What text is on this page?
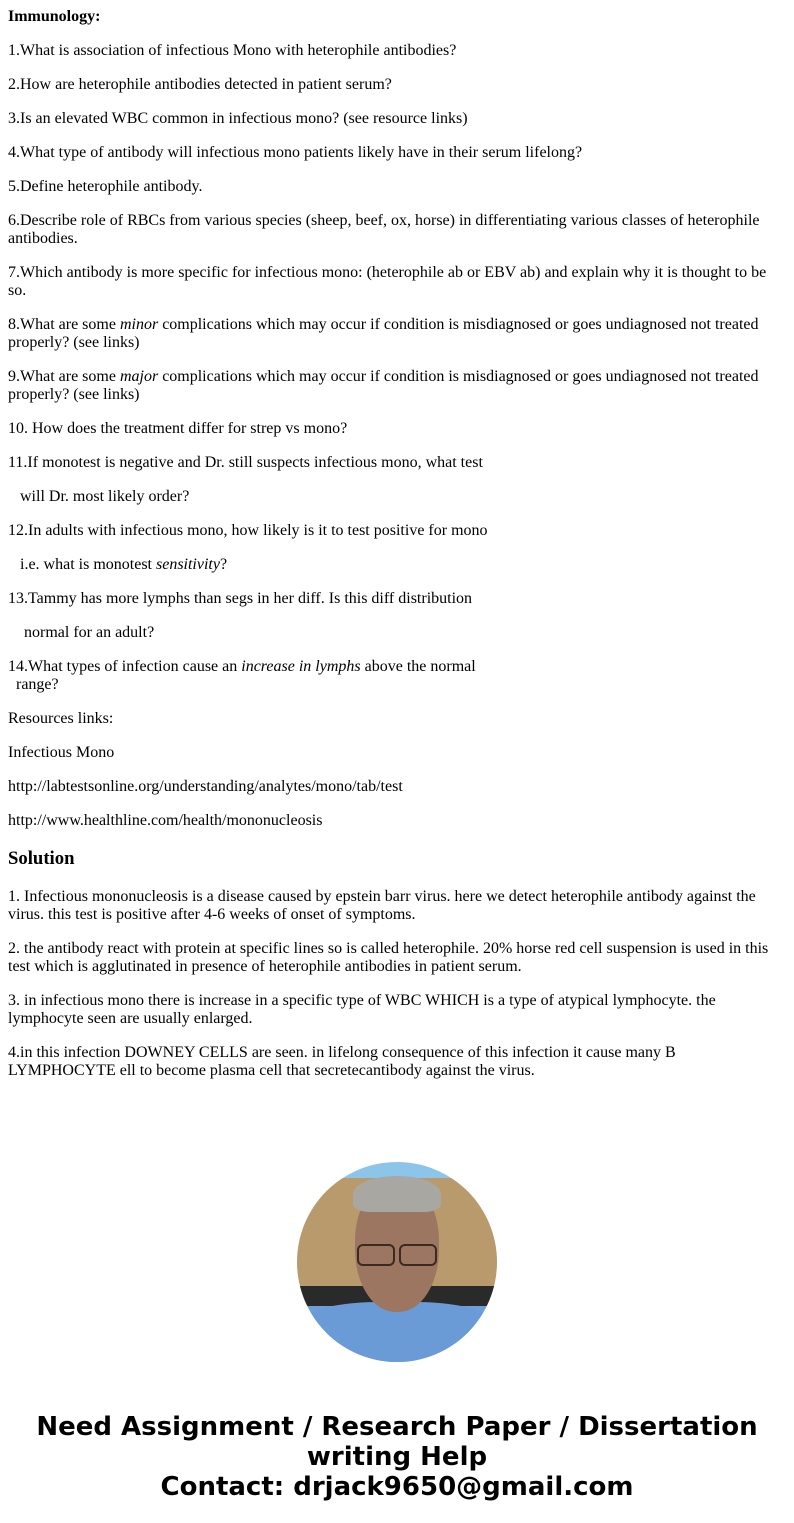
Immunology:

1.What is association of infectious Mono with heterophile antibodies?

2.How are heterophile antibodies detected in patient serum?

3.Is an elevated WBC common in infectious mono? (see resource links)

4.What type of antibody will infectious mono patients likely have in their serum lifelong?

5.Define heterophile antibody.

6.Describe role of RBCs from various species (sheep, beef, ox, horse) in differentiating various classes of heterophile antibodies.

7.Which antibody is more specific for infectious mono: (heterophile ab or EBV ab) and explain why it is thought to be so.

8.What are some minor complications which may occur if condition is misdiagnosed or goes undiagnosed not treated properly? (see links)

9.What are some major complications which may occur if condition is misdiagnosed or goes undiagnosed not treated properly? (see links)

10. How does the treatment differ for strep vs mono?

11.If monotest is negative and Dr. still suspects infectious mono, what test

will Dr. most likely order?

12.In adults with infectious mono, how likely is it to test positive for mono

i.e. what is monotest sensitivity?

13.Tammy has more lymphs than segs in her diff. Is this diff distribution

normal for an adult?

14.What types of infection cause an increase in lymphs above the normal
range?

Resources links:

Infectious Mono

http://labtestsonline.org/understanding/analytes/mono/tab/test

http://www.healthline.com/health/mononucleosis

Solution

1. Infectious mononucleosis is a disease caused by epstein barr virus. here we detect heterophile antibody against the virus. this test is positive after 4-6 weeks of onset of symptoms.

2. the antibody react with protein at specific lines so is called heterophile. 20% horse red cell suspension is used in this test which is agglutinated in presence of heterophile antibodies in patient serum.

3. in infectious mono there is increase in a specific type of WBC WHICH is a type of atypical lymphocyte. the lymphocyte seen are usually enlarged.

4.in this infection DOWNEY CELLS are seen. in lifelong consequence of this infection it cause many B LYMPHOCYTE ell to become plasma cell that secretecantibody against the virus.

Need Assignment / Research Paper / Dissertation writing Help
Contact: drjack9650@gmail.com
